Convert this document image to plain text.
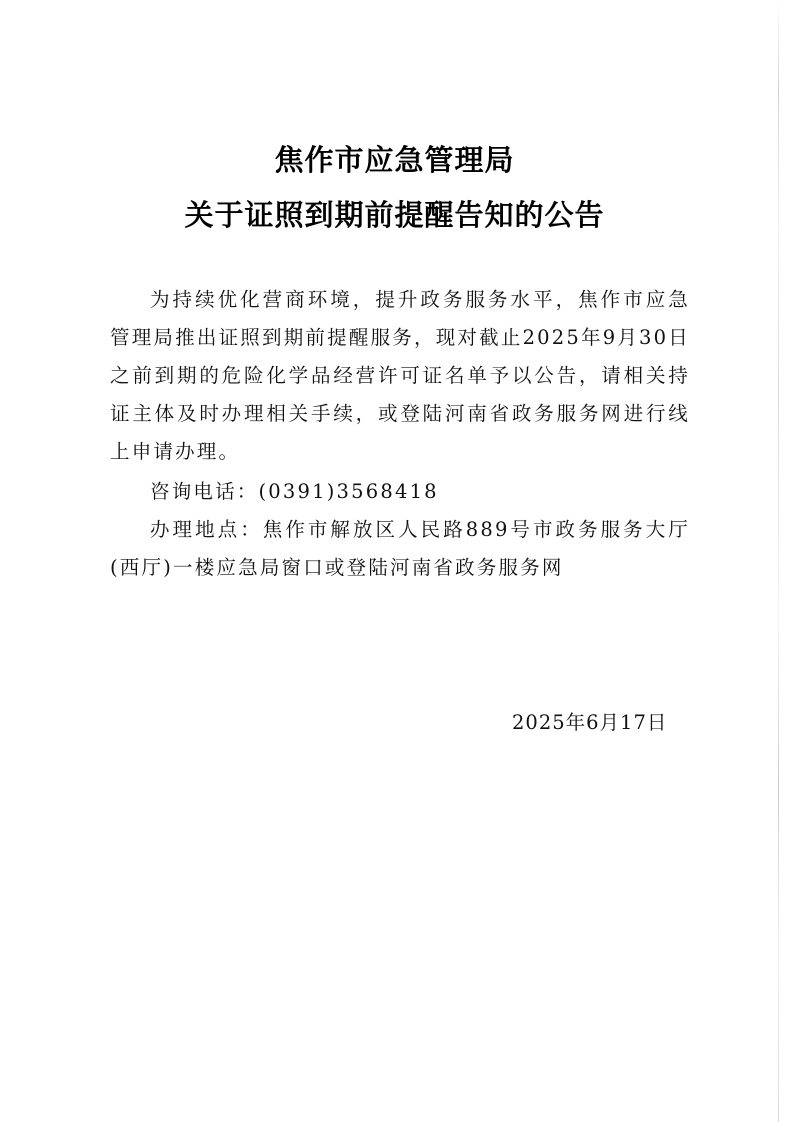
焦作市应急管理局
关于证照到期前提醒告知的公告
为持续优化营商环境，提升政务服务水平，焦作市应急管理局推出证照到期前提醒服务，现对截止2025年9月30日之前到期的危险化学品经营许可证名单予以公告，请相关持证主体及时办理相关手续，或登陆河南省政务服务网进行线上申请办理。
咨询电话：(0391)3568418
办理地点：焦作市解放区人民路889号市政务服务大厅(西厅)一楼应急局窗口或登陆河南省政务服务网
2025年6月17日
